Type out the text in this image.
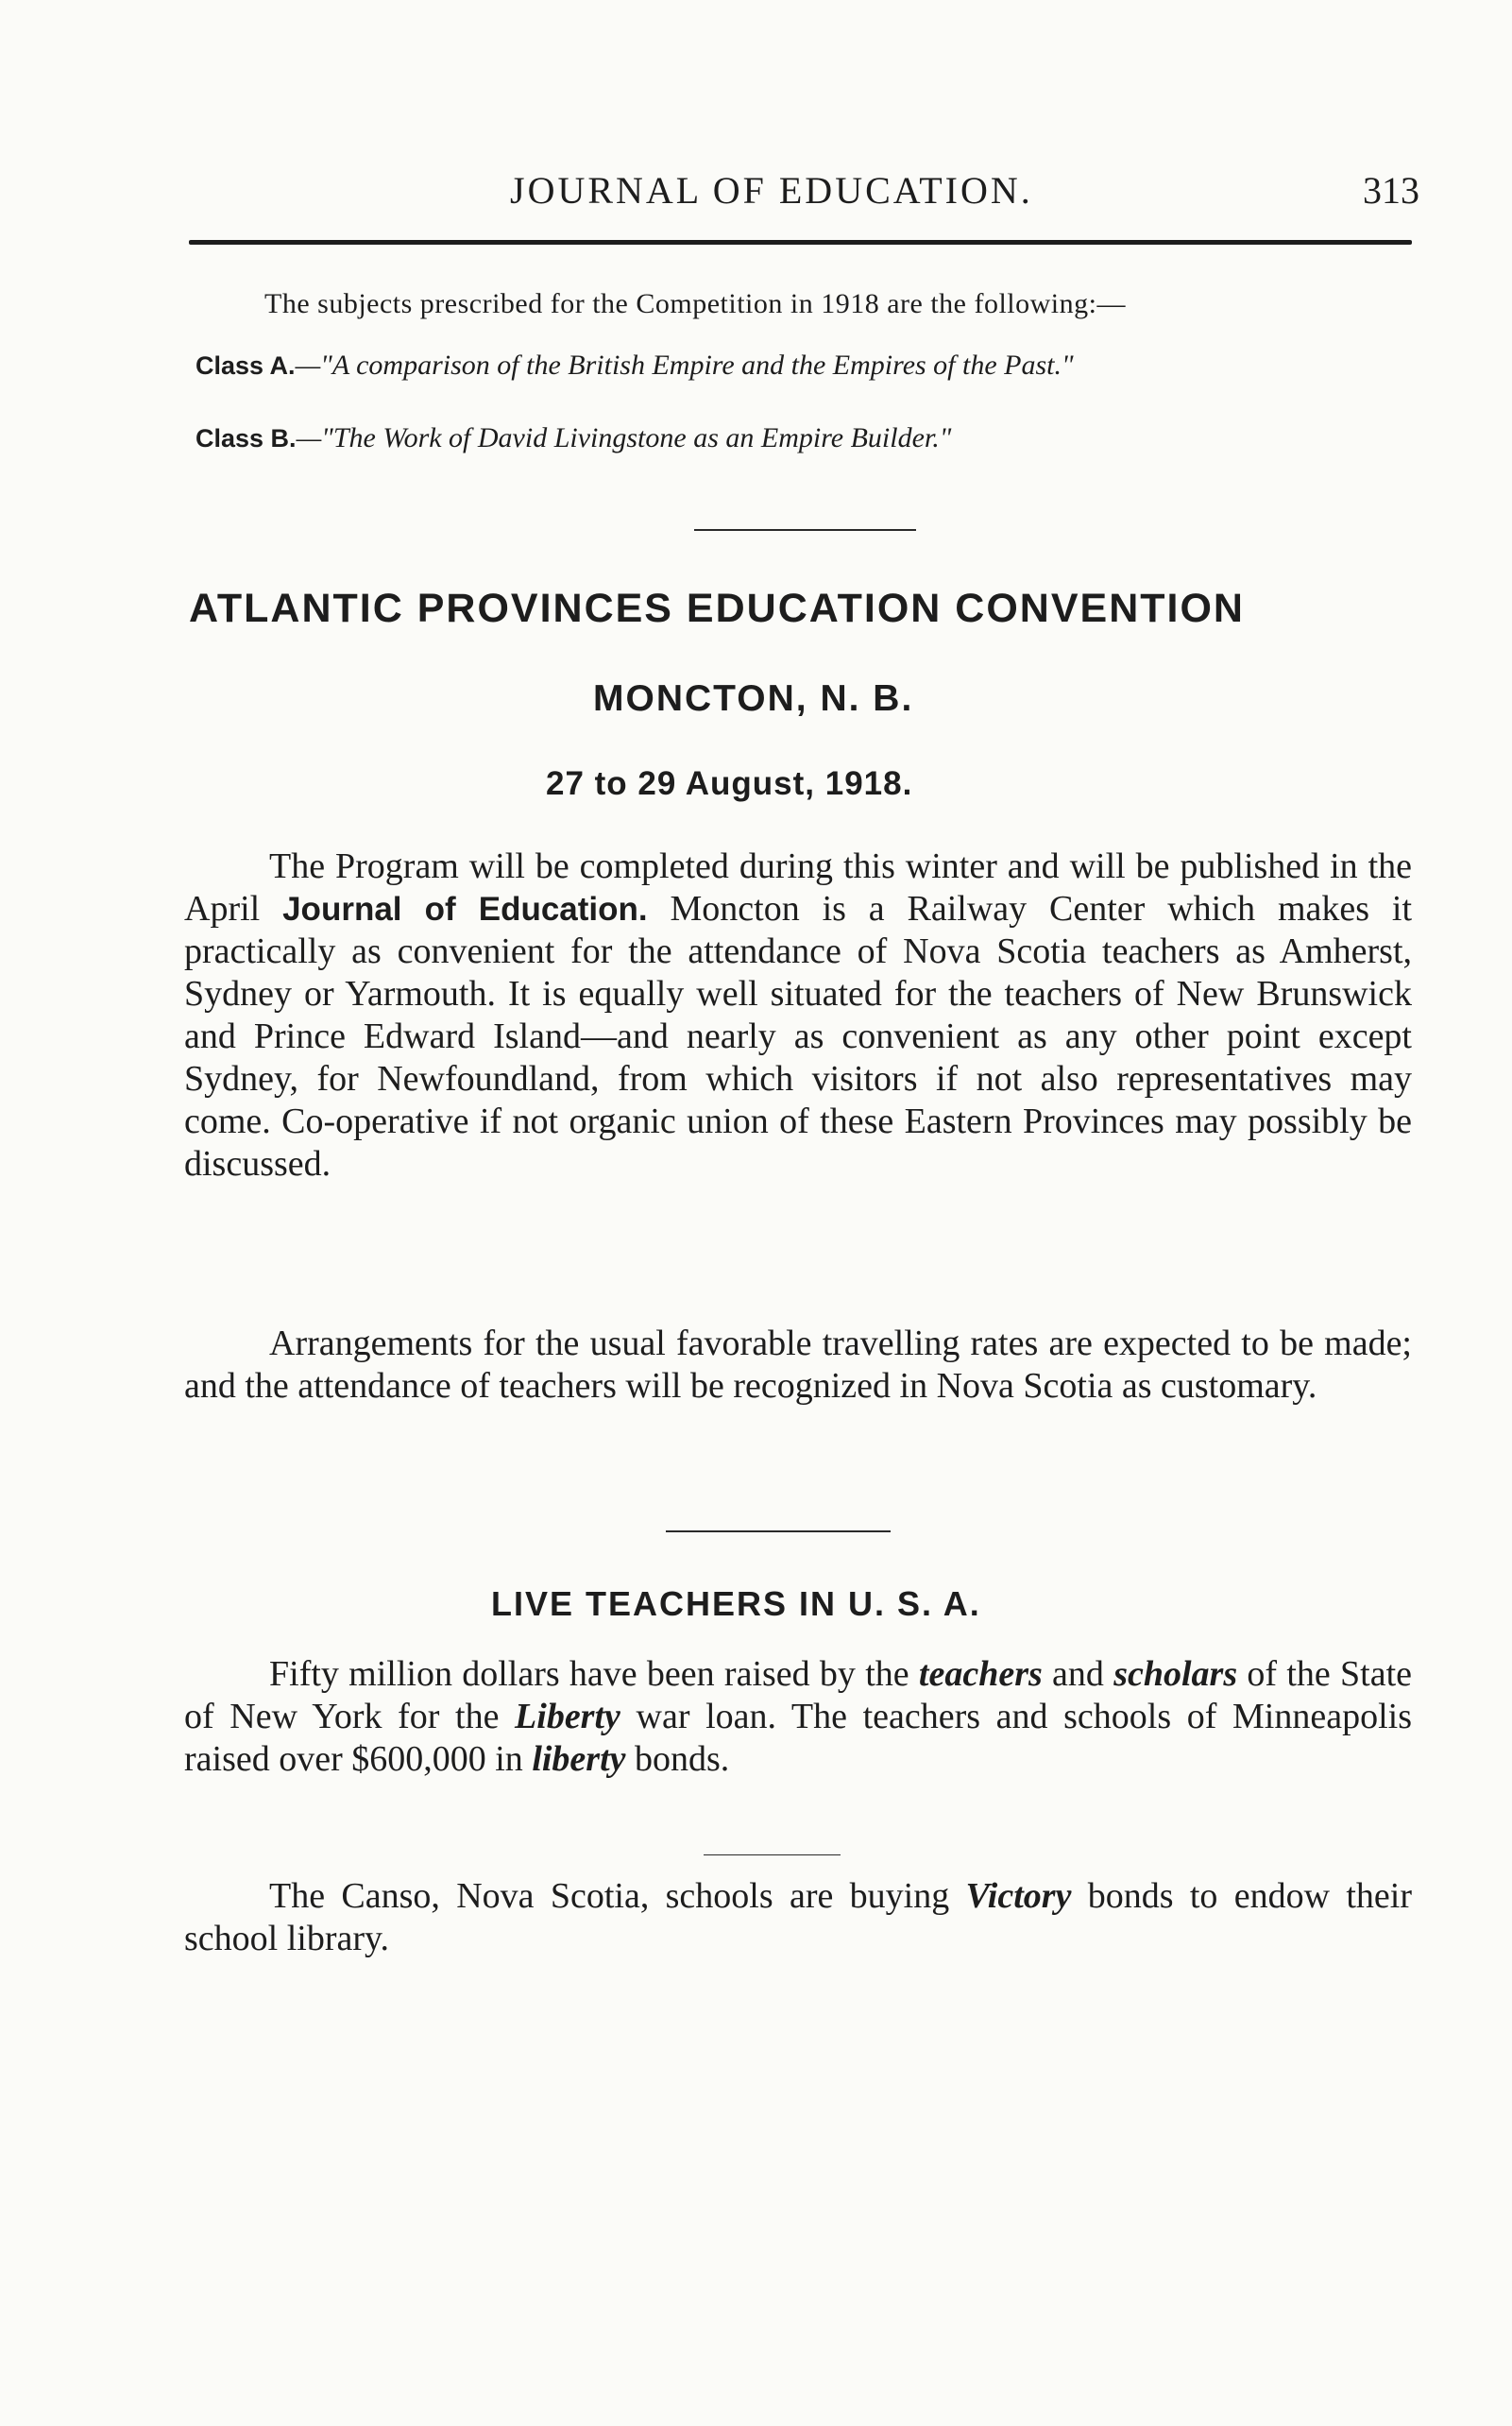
JOURNAL OF EDUCATION.	313
The subjects prescribed for the Competition in 1918 are the following:—
Class A.—"A comparison of the British Empire and the Empires of the Past."
Class B.—"The Work of David Livingstone as an Empire Builder."
ATLANTIC PROVINCES EDUCATION CONVENTION
MONCTON, N. B.
27 to 29 August, 1918.
The Program will be completed during this winter and will be published in the April Journal of Education. Moncton is a Railway Center which makes it practically as convenient for the attendance of Nova Scotia teachers as Amherst, Sydney or Yarmouth. It is equally well situated for the teachers of New Brunswick and Prince Edward Island—and nearly as convenient as any other point except Sydney, for Newfoundland, from which visitors if not also representatives may come. Co-operative if not organic union of these Eastern Provinces may possibly be discussed.
Arrangements for the usual favorable travelling rates are expected to be made; and the attendance of teachers will be recognized in Nova Scotia as customary.
LIVE TEACHERS IN U. S. A.
Fifty million dollars have been raised by the teachers and scholars of the State of New York for the Liberty war loan. The teachers and schools of Minneapolis raised over $600,000 in liberty bonds.
The Canso, Nova Scotia, schools are buying Victory bonds to endow their school library.
